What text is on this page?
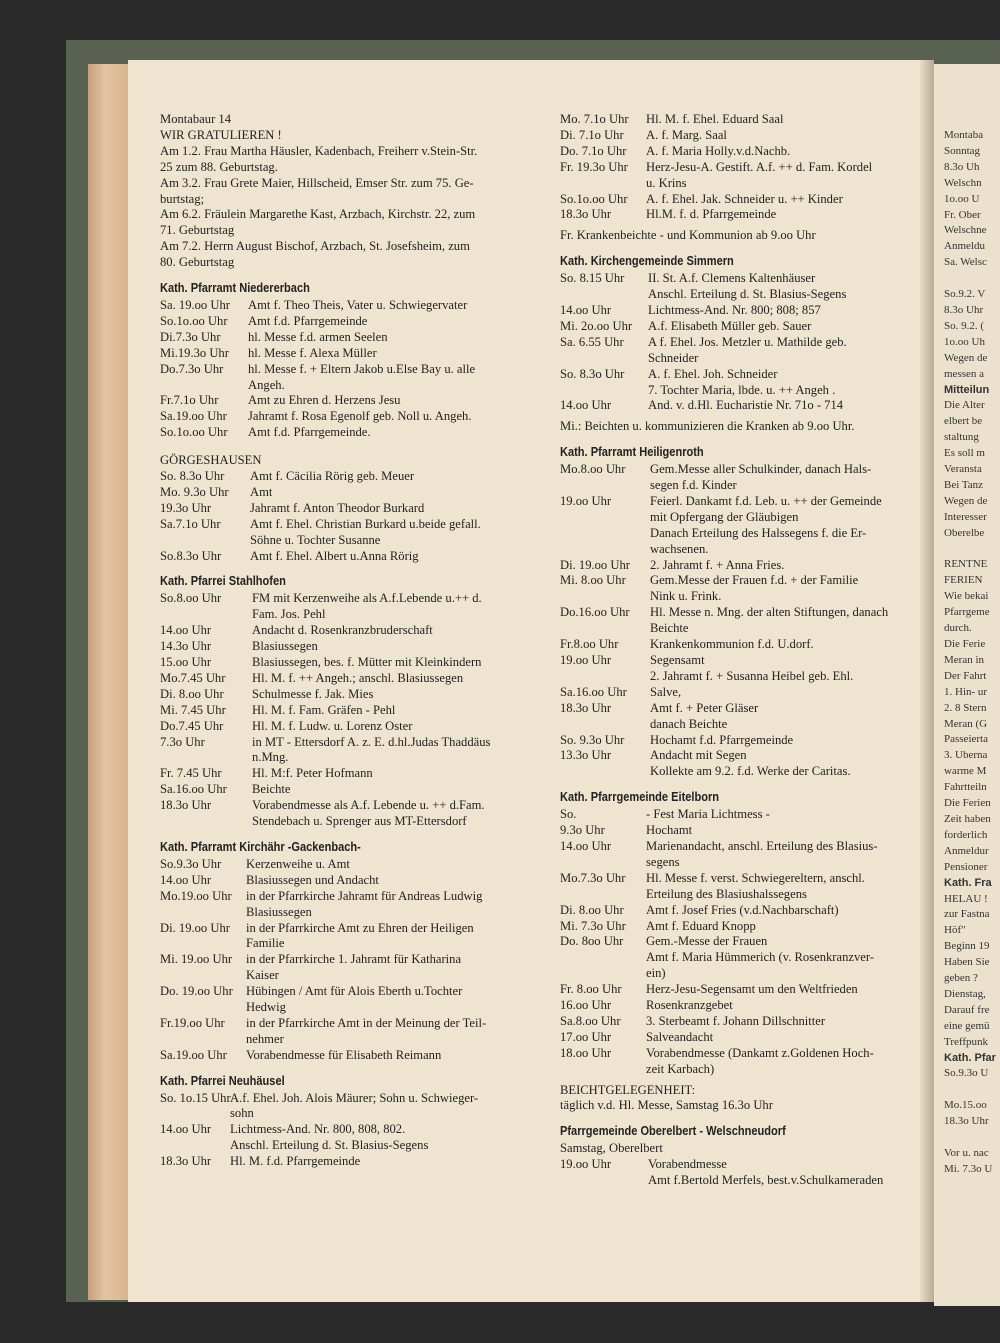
Montaba
Sonntag
8.3o Uh
Welschn
1o.oo U
Fr. Ober
Welschne
Anmeldu
Sa. Welsc

So.9.2. V
8.3o Uhr
So. 9.2. (
1o.oo Uh
Wegen de
messen a
Mitteilun
Die Alter
elbert be
staltung
Es soll m
Veransta
Bei Tanz
Wegen de
Interesser
Oberelbe

RENTNE
FERIEN
Wie bekai
Pfarrgeme
durch.
Die Ferie
Meran in
Der Fahrt
1. Hin- ur
2. 8 Stern
Meran (G
Passeierta
3. Uberna
warme M
Fahrtteiln
Die Ferien
Zeit haben
forderlich
Anmeldur
Pensioner
Kath. Fra
HELAU !
zur Fastna
Höf"
Beginn 19
Haben Sie
geben ?
Dienstag,
Darauf fre
eine gemü
Treffpunk
Kath. Pfar
So.9.3o U

Mo.15.oo
18.3o Uhr

Vor u. nac
Mi. 7.3o U
Montabaur 14
WIR GRATULIEREN !
Am 1.2. Frau Martha Häusler, Kadenbach, Freiherr v.Stein-Str.
25 zum 88. Geburtstag.
Am 3.2. Frau Grete Maier, Hillscheid, Emser Str. zum 75. Ge-
burtstag;
Am 6.2. Fräulein Margarethe Kast, Arzbach, Kirchstr. 22, zum
71. Geburtstag
Am 7.2. Herrn August Bischof, Arzbach, St. Josefsheim, zum
80. Geburtstag
Kath. Pfarramt Niedererbach
Sa. 19.oo Uhr	Amt f. Theo Theis, Vater u. Schwiegervater
So.1o.oo Uhr	Amt f.d. Pfarrgemeinde
Di.7.3o Uhr	hl. Messe f.d. armen Seelen
Mi.19.3o Uhr	hl. Messe f. Alexa Müller
Do.7.3o Uhr	hl. Messe f. + Eltern Jakob u.Else Bay u. alle
Angeh.
Fr.7.1o Uhr	Amt zu Ehren d. Herzens Jesu
Sa.19.oo Uhr	Jahramt f. Rosa Egenolf geb. Noll u. Angeh.
So.1o.oo Uhr	Amt f.d. Pfarrgemeinde.
GÖRGESHAUSEN
So. 8.3o Uhr	Amt f. Cäcilia Rörig geb. Meuer
Mo. 9.3o Uhr	Amt
19.3o Uhr	Jahramt f. Anton Theodor Burkard
Sa.7.1o Uhr	Amt f. Ehel. Christian Burkard u.beide gefall.
Söhne u. Tochter Susanne
So.8.3o Uhr	Amt f. Ehel. Albert u.Anna Rörig
Kath. Pfarrei Stahlhofen
So.8.oo Uhr	FM mit Kerzenweihe als A.f.Lebende u.++ d.
Fam. Jos. Pehl
14.oo Uhr	Andacht d. Rosenkranzbruderschaft
14.3o Uhr	Blasiussegen
15.oo Uhr	Blasiussegen, bes. f. Mütter mit Kleinkindern
Mo.7.45 Uhr	Hl. M. f. ++ Angeh.; anschl. Blasiussegen
Di. 8.oo Uhr	Schulmesse f. Jak. Mies
Mi. 7.45 Uhr	Hl. M. f. Fam. Gräfen - Pehl
Do.7.45 Uhr	Hl. M. f. Ludw. u. Lorenz Oster
7.3o Uhr	in MT - Ettersdorf A. z. E. d.hl.Judas Thaddäus
n.Mng.
Fr. 7.45 Uhr	Hl. M:f. Peter Hofmann
Sa.16.oo Uhr	Beichte
18.3o Uhr	Vorabendmesse als A.f. Lebende u. ++ d.Fam.
Stendebach u. Sprenger aus MT-Ettersdorf
Kath. Pfarramt Kirchähr -Gackenbach-
So.9.3o Uhr	Kerzenweihe u. Amt
14.oo Uhr	Blasiussegen und Andacht
Mo.19.oo Uhr	in der Pfarrkirche Jahramt für Andreas Ludwig
Blasiussegen
Di. 19.oo Uhr	in der Pfarrkirche Amt zu Ehren der Heiligen
Familie
Mi. 19.oo Uhr	in der Pfarrkirche 1. Jahramt für Katharina
Kaiser
Do. 19.oo Uhr	Hübingen / Amt für Alois Eberth u.Tochter
Hedwig
Fr.19.oo Uhr	in der Pfarrkirche Amt in der Meinung der Teil-
nehmer
Sa.19.oo Uhr	Vorabendmesse für Elisabeth Reimann
Kath. Pfarrei Neuhäusel
So. 1o.15 Uhr A.f. Ehel. Joh. Alois Mäurer; Sohn u. Schwieger-
sohn
14.oo Uhr	Lichtmess-And. Nr. 800, 808, 802.
Anschl. Erteilung d. St. Blasius-Segens
18.3o Uhr	Hl. M. f.d. Pfarrgemeinde
Mo. 7.1o Uhr	Hl. M. f. Ehel. Eduard Saal
Di. 7.1o Uhr	A. f. Marg. Saal
Do. 7.1o Uhr	A. f. Maria Holly.v.d.Nachb.
Fr. 19.3o Uhr	Herz-Jesu-A. Gestift. A.f. ++ d. Fam. Kordel
u. Krins
So.1o.oo Uhr	A. f. Ehel. Jak. Schneider u. ++ Kinder
18.3o Uhr	Hl.M. f. d. Pfarrgemeinde
Fr. Krankenbeichte - und Kommunion ab 9.oo Uhr
Kath. Kirchengemeinde Simmern
So. 8.15 Uhr	II. St. A.f. Clemens Kaltenhäuser
Anschl. Erteilung d. St. Blasius-Segens
14.oo Uhr	Lichtmess-And. Nr. 800; 808; 857
Mi. 2o.oo Uhr	A.f. Elisabeth Müller geb. Sauer
Sa. 6.55 Uhr	A f. Ehel. Jos. Metzler u. Mathilde geb.
Schneider
So. 8.3o Uhr	A. f. Ehel. Joh. Schneider
7. Tochter Maria, lbde. u. ++ Angeh .
14.oo Uhr	And. v. d.Hl. Eucharistie Nr. 71o - 714
Mi.: Beichten u. kommunizieren die Kranken ab 9.oo Uhr.
Kath. Pfarramt Heiligenroth
Mo.8.oo Uhr	Gem.Messe aller Schulkinder, danach Hals-
segen f.d. Kinder
19.oo Uhr	Feierl. Dankamt f.d. Leb. u. ++ der Gemeinde
mit Opfergang der Gläubigen
Danach Erteilung des Halssegens f. die Er-
wachsenen.
Di. 19.oo Uhr	2. Jahramt f. + Anna Fries.
Mi. 8.oo Uhr	Gem.Messe der Frauen f.d. + der Familie
Nink u. Frink.
Do.16.oo Uhr	Hl. Messe n. Mng. der alten Stiftungen, danach
Beichte
Fr.8.oo Uhr	Krankenkommunion f.d. U.dorf.
19.oo Uhr	Segensamt
2. Jahramt f. + Susanna Heibel geb. Ehl.
Sa.16.oo Uhr	Salve,
18.3o Uhr	Amt f. + Peter Gläser
danach Beichte
So. 9.3o Uhr	Hochamt f.d. Pfarrgemeinde
13.3o Uhr	Andacht mit Segen
Kollekte am 9.2. f.d. Werke der Caritas.
Kath. Pfarrgemeinde Eitelborn
So.	- Fest Maria Lichtmess -
9.3o Uhr	Hochamt
14.oo Uhr	Marienandacht, anschl. Erteilung des Blasius-
segens
Mo.7.3o Uhr	Hl. Messe f. verst. Schwiegereltern, anschl.
Erteilung des Blasiushalssegens
Di. 8.oo Uhr	Amt f. Josef Fries (v.d.Nachbarschaft)
Mi. 7.3o Uhr	Amt f. Eduard Knopp
Do. 8oo Uhr	Gem.-Messe der Frauen
Amt f. Maria Hümmerich (v. Rosenkranzver-
ein)
Fr. 8.oo Uhr	Herz-Jesu-Segensamt um den Weltfrieden
16.oo Uhr	Rosenkranzgebet
Sa.8.oo Uhr	3. Sterbeamt f. Johann Dillschnitter
17.oo Uhr	Salveandacht
18.oo Uhr	Vorabendmesse (Dankamt z.Goldenen Hoch-
zeit Karbach)
BEICHTGELEGENHEIT:
täglich v.d. Hl. Messe, Samstag 16.3o Uhr
Pfarrgemeinde Oberelbert - Welschneudorf
Samstag, Oberelbert
19.oo Uhr	Vorabendmesse
Amt f.Bertold Merfels, best.v.Schulkameraden
